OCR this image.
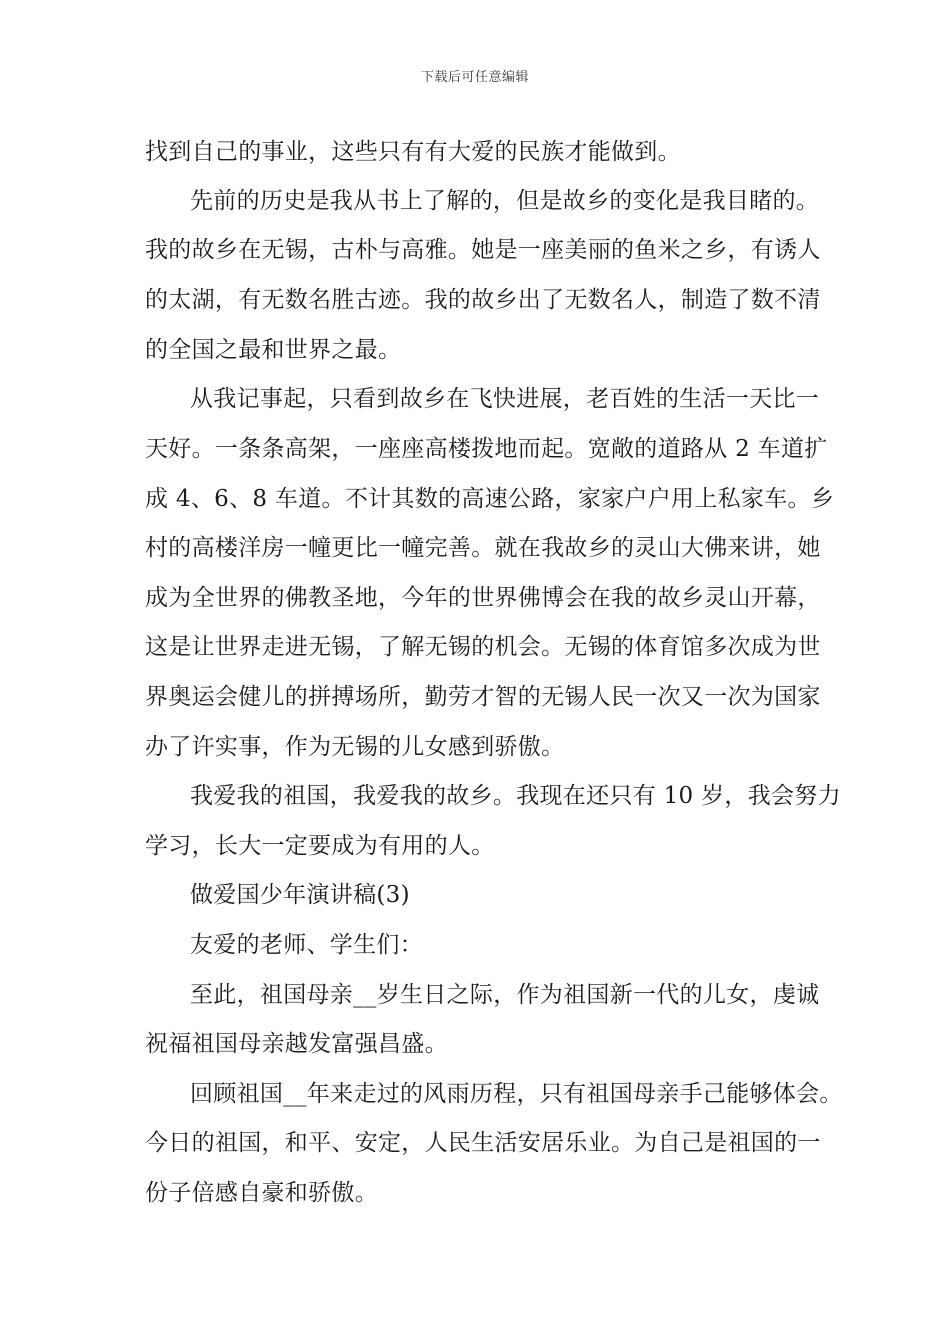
下载后可任意编辑
找到自己的事业，这些只有有大爱的民族才能做到。
先前的历史是我从书上了解的，但是故乡的变化是我目睹的。
我的故乡在无锡，古朴与高雅。她是一座美丽的鱼米之乡，有诱人
的太湖，有无数名胜古迹。我的故乡出了无数名人，制造了数不清
的全国之最和世界之最。
从我记事起，只看到故乡在飞快进展，老百姓的生活一天比一
天好。一条条高架，一座座高楼拨地而起。宽敞的道路从 2 车道扩
成 4、6、8 车道。不计其数的高速公路，家家户户用上私家车。乡
村的高楼洋房一幢更比一幢完善。就在我故乡的灵山大佛来讲，她
成为全世界的佛教圣地，今年的世界佛博会在我的故乡灵山开幕，
这是让世界走进无锡，了解无锡的机会。无锡的体育馆多次成为世
界奥运会健儿的拼搏场所，勤劳才智的无锡人民一次又一次为国家
办了许实事，作为无锡的儿女感到骄傲。
我爱我的祖国，我爱我的故乡。我现在还只有 10 岁，我会努力
学习，长大一定要成为有用的人。
做爱国少年演讲稿(3)
友爱的老师、学生们：
至此，祖国母亲__岁生日之际，作为祖国新一代的儿女，虔诚
祝福祖国母亲越发富强昌盛。
回顾祖国__年来走过的风雨历程，只有祖国母亲手己能够体会。
今日的祖国，和平、安定，人民生活安居乐业。为自己是祖国的一
份子倍感自豪和骄傲。
